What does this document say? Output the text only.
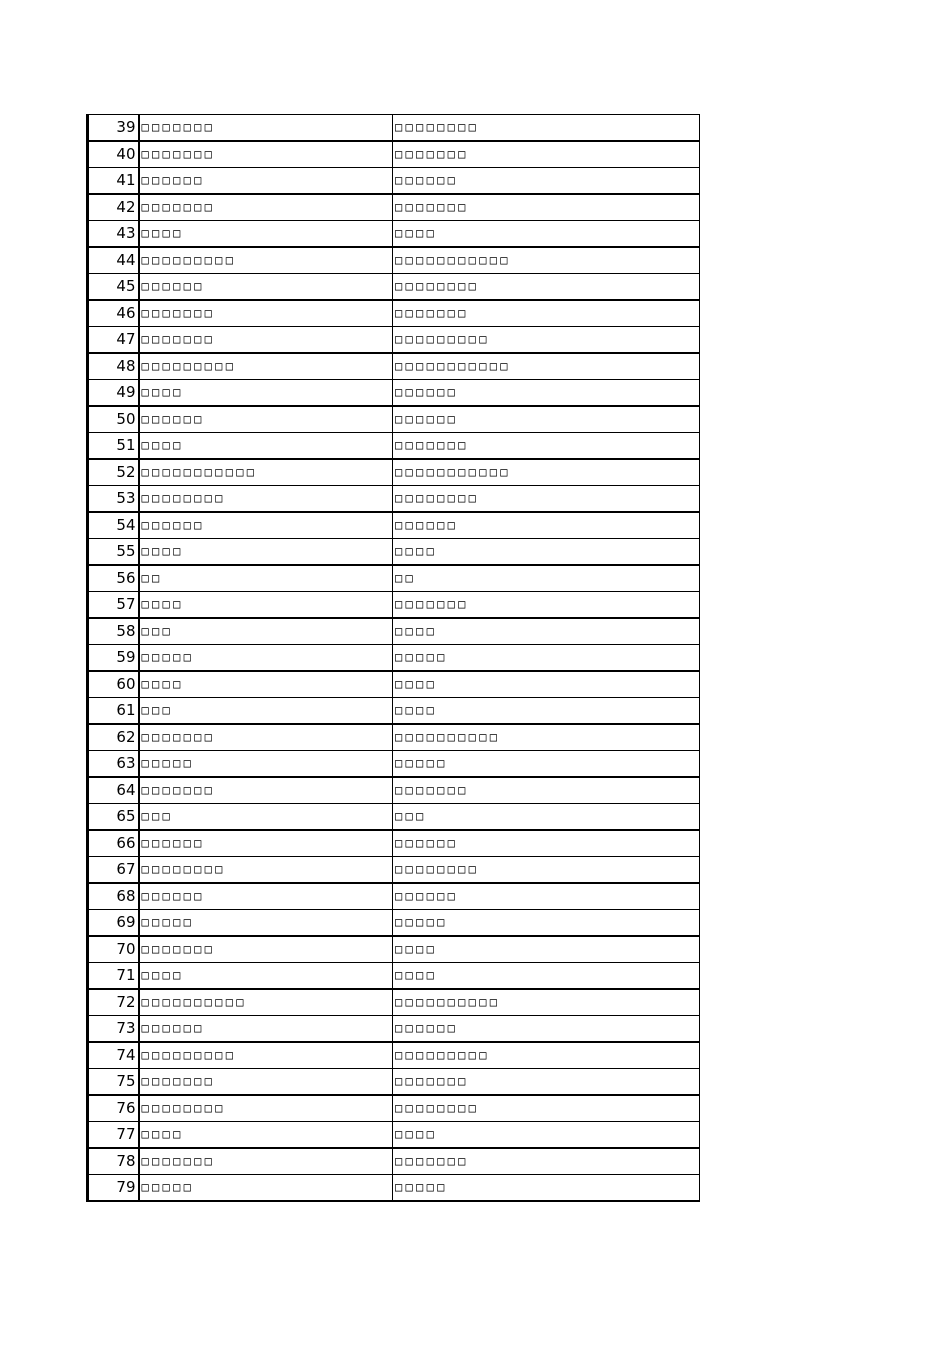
39	□□□□□□□	□□□□□□□□
40	□□□□□□□	□□□□□□□
41	□□□□□□	□□□□□□
42	□□□□□□□	□□□□□□□
43	□□□□	□□□□
44	□□□□□□□□□	□□□□□□□□□□□
45	□□□□□□	□□□□□□□□
46	□□□□□□□	□□□□□□□
47	□□□□□□□	□□□□□□□□□
48	□□□□□□□□□	□□□□□□□□□□□
49	□□□□	□□□□□□
50	□□□□□□	□□□□□□
51	□□□□	□□□□□□□
52	□□□□□□□□□□□	□□□□□□□□□□□
53	□□□□□□□□	□□□□□□□□
54	□□□□□□	□□□□□□
55	□□□□	□□□□
56	□□	□□
57	□□□□	□□□□□□□
58	□□□	□□□□
59	□□□□□	□□□□□
60	□□□□	□□□□
61	□□□	□□□□
62	□□□□□□□	□□□□□□□□□□
63	□□□□□	□□□□□
64	□□□□□□□	□□□□□□□
65	□□□	□□□
66	□□□□□□	□□□□□□
67	□□□□□□□□	□□□□□□□□
68	□□□□□□	□□□□□□
69	□□□□□	□□□□□
70	□□□□□□□	□□□□
71	□□□□	□□□□
72	□□□□□□□□□□	□□□□□□□□□□
73	□□□□□□	□□□□□□
74	□□□□□□□□□	□□□□□□□□□
75	□□□□□□□	□□□□□□□
76	□□□□□□□□	□□□□□□□□
77	□□□□	□□□□
78	□□□□□□□	□□□□□□□
79	□□□□□	□□□□□
